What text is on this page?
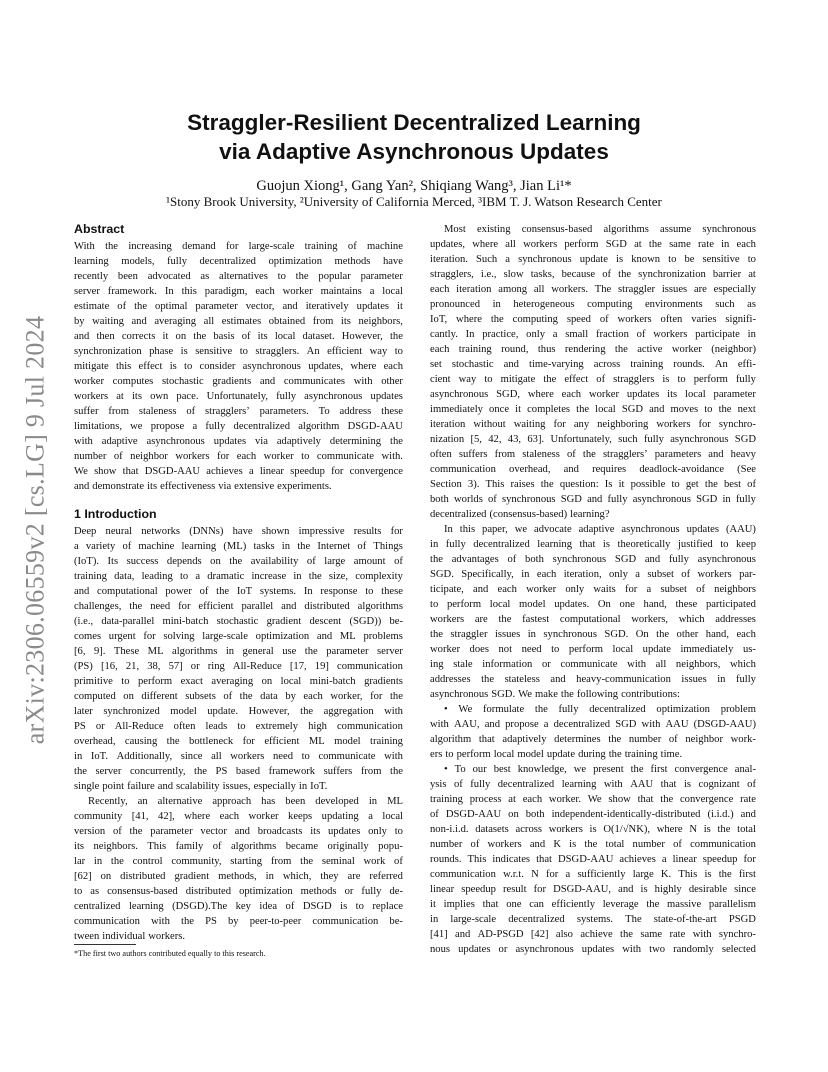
arXiv:2306.06559v2 [cs.LG] 9 Jul 2024
Straggler-Resilient Decentralized Learning
via Adaptive Asynchronous Updates
Guojun Xiong¹, Gang Yan², Shiqiang Wang³, Jian Li¹*
¹Stony Brook University, ²University of California Merced, ³IBM T. J. Watson Research Center
Abstract
With the increasing demand for large-scale training of machine
learning models, fully decentralized optimization methods have
recently been advocated as alternatives to the popular parameter
server framework. In this paradigm, each worker maintains a local
estimate of the optimal parameter vector, and iteratively updates it
by waiting and averaging all estimates obtained from its neighbors,
and then corrects it on the basis of its local dataset. However, the
synchronization phase is sensitive to stragglers. An efficient way to
mitigate this effect is to consider asynchronous updates, where each
worker computes stochastic gradients and communicates with other
workers at its own pace. Unfortunately, fully asynchronous updates
suffer from staleness of stragglers’ parameters. To address these
limitations, we propose a fully decentralized algorithm DSGD-AAU
with adaptive asynchronous updates via adaptively determining the
number of neighbor workers for each worker to communicate with.
We show that DSGD-AAU achieves a linear speedup for convergence
and demonstrate its effectiveness via extensive experiments.
1 Introduction
Deep neural networks (DNNs) have shown impressive results for
a variety of machine learning (ML) tasks in the Internet of Things
(IoT). Its success depends on the availability of large amount of
training data, leading to a dramatic increase in the size, complexity
and computational power of the IoT systems. In response to these
challenges, the need for efficient parallel and distributed algorithms
(i.e., data-parallel mini-batch stochastic gradient descent (SGD)) be-
comes urgent for solving large-scale optimization and ML problems
[6, 9]. These ML algorithms in general use the parameter server
(PS) [16, 21, 38, 57] or ring All-Reduce [17, 19] communication
primitive to perform exact averaging on local mini-batch gradients
computed on different subsets of the data by each worker, for the
later synchronized model update. However, the aggregation with
PS or All-Reduce often leads to extremely high communication
overhead, causing the bottleneck for efficient ML model training
in IoT. Additionally, since all workers need to communicate with
the server concurrently, the PS based framework suffers from the
single point failure and scalability issues, especially in IoT.
Recently, an alternative approach has been developed in ML
community [41, 42], where each worker keeps updating a local
version of the parameter vector and broadcasts its updates only to
its neighbors. This family of algorithms became originally popu-
lar in the control community, starting from the seminal work of
[62] on distributed gradient methods, in which, they are referred
to as consensus-based distributed optimization methods or fully de-
centralized learning (DSGD).The key idea of DSGD is to replace
communication with the PS by peer-to-peer communication be-
tween individual workers.
Most existing consensus-based algorithms assume synchronous
updates, where all workers perform SGD at the same rate in each
iteration. Such a synchronous update is known to be sensitive to
stragglers, i.e., slow tasks, because of the synchronization barrier at
each iteration among all workers. The straggler issues are especially
pronounced in heterogeneous computing environments such as
IoT, where the computing speed of workers often varies signifi-
cantly. In practice, only a small fraction of workers participate in
each training round, thus rendering the active worker (neighbor)
set stochastic and time-varying across training rounds. An effi-
cient way to mitigate the effect of stragglers is to perform fully
asynchronous SGD, where each worker updates its local parameter
immediately once it completes the local SGD and moves to the next
iteration without waiting for any neighboring workers for synchro-
nization [5, 42, 43, 63]. Unfortunately, such fully asynchronous SGD
often suffers from staleness of the stragglers’ parameters and heavy
communication overhead, and requires deadlock-avoidance (See
Section 3). This raises the question: Is it possible to get the best of
both worlds of synchronous SGD and fully asynchronous SGD in fully
decentralized (consensus-based) learning?
In this paper, we advocate adaptive asynchronous updates (AAU)
in fully decentralized learning that is theoretically justified to keep
the advantages of both synchronous SGD and fully asynchronous
SGD. Specifically, in each iteration, only a subset of workers par-
ticipate, and each worker only waits for a subset of neighbors
to perform local model updates. On one hand, these participated
workers are the fastest computational workers, which addresses
the straggler issues in synchronous SGD. On the other hand, each
worker does not need to perform local update immediately us-
ing stale information or communicate with all neighbors, which
addresses the stateless and heavy-communication issues in fully
asynchronous SGD. We make the following contributions:
• We formulate the fully decentralized optimization problem
with AAU, and propose a decentralized SGD with AAU (DSGD-AAU)
algorithm that adaptively determines the number of neighbor work-
ers to perform local model update during the training time.
• To our best knowledge, we present the first convergence anal-
ysis of fully decentralized learning with AAU that is cognizant of
training process at each worker. We show that the convergence rate
of DSGD-AAU on both independent-identically-distributed (i.i.d.) and
non-i.i.d. datasets across workers is O(1/√NK), where N is the total
number of workers and K is the total number of communication
rounds. This indicates that DSGD-AAU achieves a linear speedup for
communication w.r.t. N for a sufficiently large K. This is the first
linear speedup result for DSGD-AAU, and is highly desirable since
it implies that one can efficiently leverage the massive parallelism
in large-scale decentralized systems. The state-of-the-art PSGD
[41] and AD-PSGD [42] also achieve the same rate with synchro-
nous updates or asynchronous updates with two randomly selected
*The first two authors contributed equally to this research.
